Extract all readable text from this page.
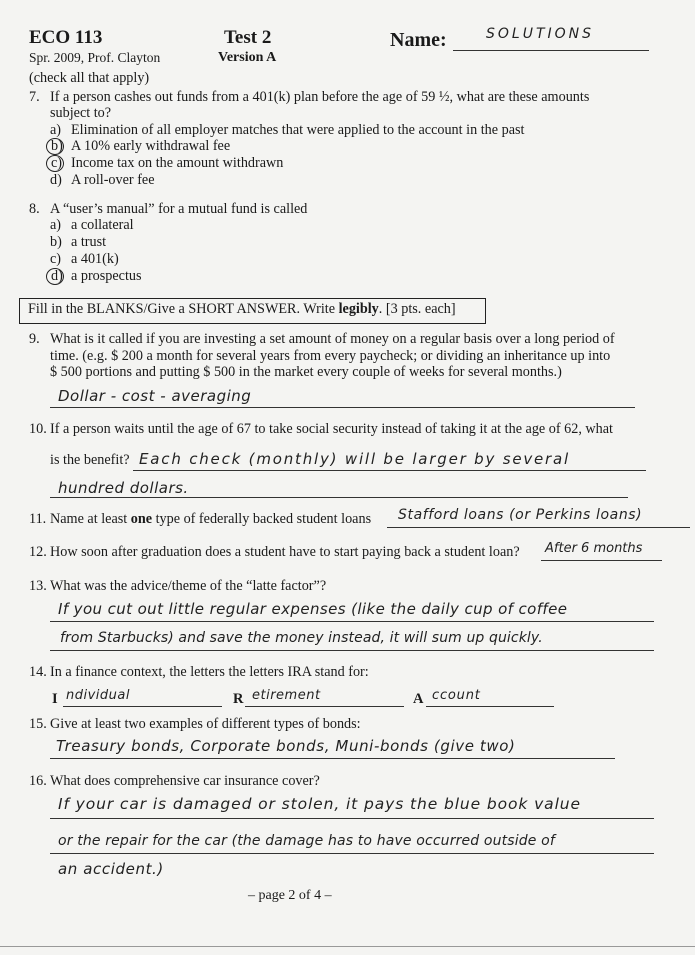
ECO 113	Test 2	Name:	SOLUTIONS
Spr. 2009, Prof. Clayton	Version A
(check all that apply)
7. If a person cashes out funds from a 401(k) plan before the age of 59 ½, what are these amounts
subject to?
a) Elimination of all employer matches that were applied to the account in the past
b) A 10% early withdrawal fee
c) Income tax on the amount withdrawn
d) A roll-over fee
8. A “user’s manual” for a mutual fund is called
a) a collateral
b) a trust
c) a 401(k)
d) a prospectus
Fill in the BLANKS/Give a SHORT ANSWER. Write legibly. [3 pts. each]
9. What is it called if you are investing a set amount of money on a regular basis over a long period of
time. (e.g. $ 200 a month for several years from every paycheck; or dividing an inheritance up into
$ 500 portions and putting $ 500 in the market every couple of weeks for several months.)
Dollar - cost - averaging
10. If a person waits until the age of 67 to take social security instead of taking it at the age of 62, what
is the benefit? Each check (monthly) will be larger by several
hundred dollars.
11. Name at least one type of federally backed student loans Stafford loans (or Perkins loans)
12. How soon after graduation does a student have to start paying back a student loan? After 6 months
13. What was the advice/theme of the “latte factor”?
If you cut out little regular expenses (like the daily cup of coffee
from Starbucks) and save the money instead, it will sum up quickly.
14. In a finance context, the letters the letters IRA stand for:
I ndividual	R etirement	A ccount
15. Give at least two examples of different types of bonds:
Treasury bonds, Corporate bonds, Muni-bonds (give two)
16. What does comprehensive car insurance cover?
If your car is damaged or stolen, it pays the blue book value
or the repair for the car (the damage has to have occurred outside of
an accident.)
– page 2 of 4 –
